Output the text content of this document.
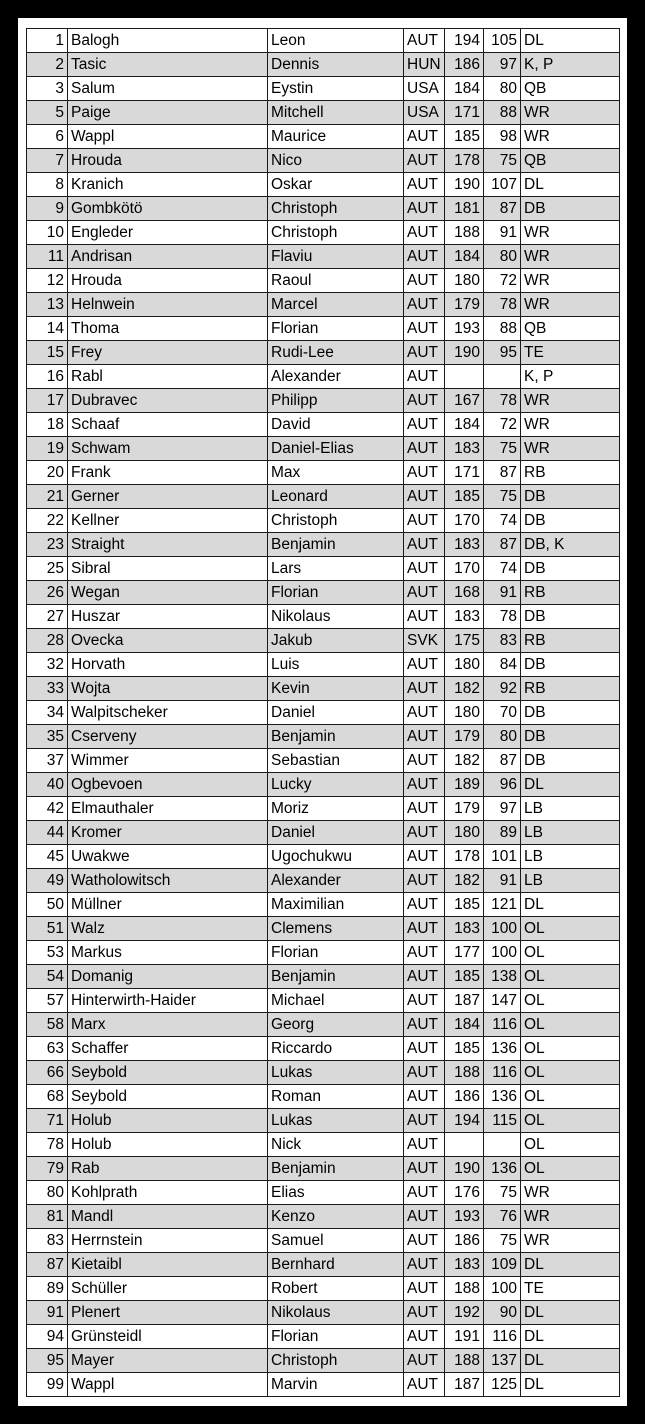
1	Balogh	Leon	AUT	194	105	DL
2	Tasic	Dennis	HUN	186	97	K, P
3	Salum	Eystin	USA	184	80	QB
5	Paige	Mitchell	USA	171	88	WR
6	Wappl	Maurice	AUT	185	98	WR
7	Hrouda	Nico	AUT	178	75	QB
8	Kranich	Oskar	AUT	190	107	DL
9	Gombkötö	Christoph	AUT	181	87	DB
10	Engleder	Christoph	AUT	188	91	WR
11	Andrisan	Flaviu	AUT	184	80	WR
12	Hrouda	Raoul	AUT	180	72	WR
13	Helnwein	Marcel	AUT	179	78	WR
14	Thoma	Florian	AUT	193	88	QB
15	Frey	Rudi-Lee	AUT	190	95	TE
16	Rabl	Alexander	AUT			K, P
17	Dubravec	Philipp	AUT	167	78	WR
18	Schaaf	David	AUT	184	72	WR
19	Schwam	Daniel-Elias	AUT	183	75	WR
20	Frank	Max	AUT	171	87	RB
21	Gerner	Leonard	AUT	185	75	DB
22	Kellner	Christoph	AUT	170	74	DB
23	Straight	Benjamin	AUT	183	87	DB, K
25	Sibral	Lars	AUT	170	74	DB
26	Wegan	Florian	AUT	168	91	RB
27	Huszar	Nikolaus	AUT	183	78	DB
28	Ovecka	Jakub	SVK	175	83	RB
32	Horvath	Luis	AUT	180	84	DB
33	Wojta	Kevin	AUT	182	92	RB
34	Walpitscheker	Daniel	AUT	180	70	DB
35	Cserveny	Benjamin	AUT	179	80	DB
37	Wimmer	Sebastian	AUT	182	87	DB
40	Ogbevoen	Lucky	AUT	189	96	DL
42	Elmauthaler	Moriz	AUT	179	97	LB
44	Kromer	Daniel	AUT	180	89	LB
45	Uwakwe	Ugochukwu	AUT	178	101	LB
49	Watholowitsch	Alexander	AUT	182	91	LB
50	Müllner	Maximilian	AUT	185	121	DL
51	Walz	Clemens	AUT	183	100	OL
53	Markus	Florian	AUT	177	100	OL
54	Domanig	Benjamin	AUT	185	138	OL
57	Hinterwirth-Haider	Michael	AUT	187	147	OL
58	Marx	Georg	AUT	184	116	OL
63	Schaffer	Riccardo	AUT	185	136	OL
66	Seybold	Lukas	AUT	188	116	OL
68	Seybold	Roman	AUT	186	136	OL
71	Holub	Lukas	AUT	194	115	OL
78	Holub	Nick	AUT			OL
79	Rab	Benjamin	AUT	190	136	OL
80	Kohlprath	Elias	AUT	176	75	WR
81	Mandl	Kenzo	AUT	193	76	WR
83	Herrnstein	Samuel	AUT	186	75	WR
87	Kietaibl	Bernhard	AUT	183	109	DL
89	Schüller	Robert	AUT	188	100	TE
91	Plenert	Nikolaus	AUT	192	90	DL
94	Grünsteidl	Florian	AUT	191	116	DL
95	Mayer	Christoph	AUT	188	137	DL
99	Wappl	Marvin	AUT	187	125	DL
